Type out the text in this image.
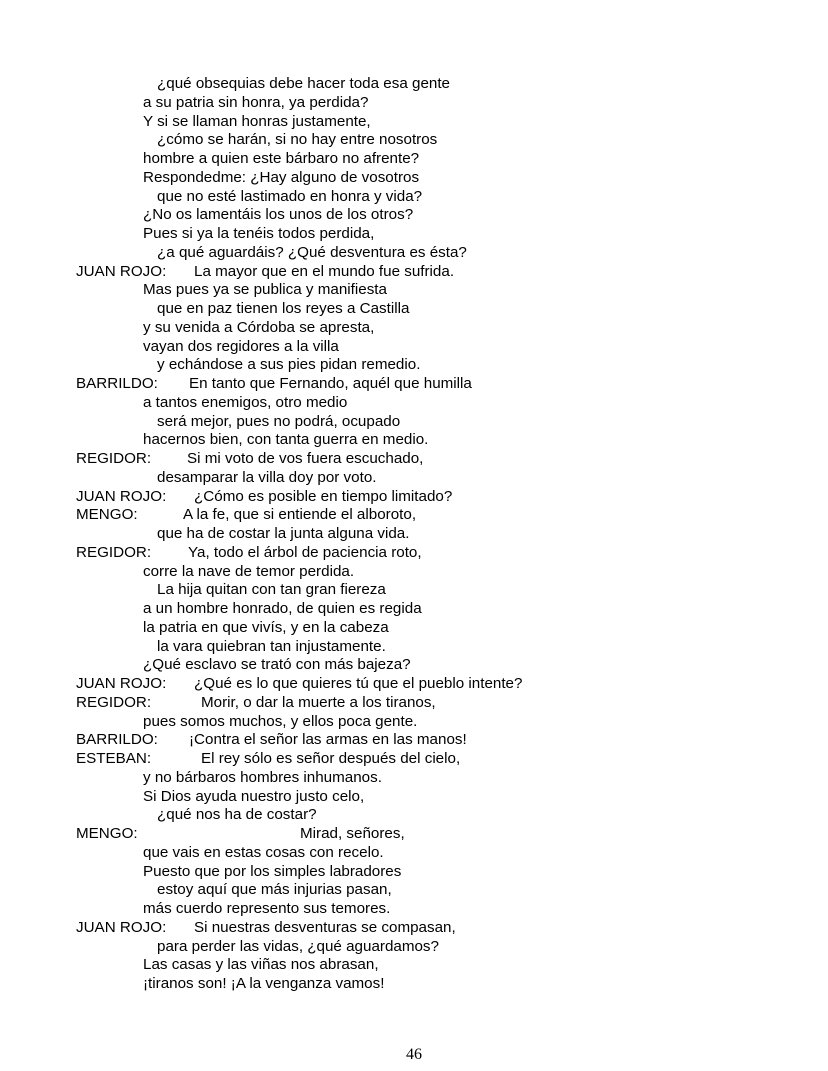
¿qué obsequias debe hacer toda esa gente
a su patria sin honra, ya perdida?
Y si se llaman honras justamente,
¿cómo se harán, si no hay entre nosotros
hombre a quien este bárbaro no afrente?
Respondedme: ¿Hay alguno de vosotros
que no esté lastimado en honra y vida?
¿No os lamentáis los unos de los otros?
Pues si ya la tenéis todos perdida,
¿a qué aguardáis? ¿Qué desventura es ésta?
JUAN ROJO: La mayor que en el mundo fue sufrida.
Mas pues ya se publica y manifiesta
que en paz tienen los reyes a Castilla
y su venida a Córdoba se apresta,
vayan dos regidores a la villa
y echándose a sus pies pidan remedio.
BARRILDO: En tanto que Fernando, aquél que humilla
a tantos enemigos, otro medio
será mejor, pues no podrá, ocupado
hacernos bien, con tanta guerra en medio.
REGIDOR: Si mi voto de vos fuera escuchado,
desamparar la villa doy por voto.
JUAN ROJO: ¿Cómo es posible en tiempo limitado?
MENGO:	A la fe, que si entiende el alboroto,
que ha de costar la junta alguna vida.
REGIDOR: Ya, todo el árbol de paciencia roto,
corre la nave de temor perdida.
La hija quitan con tan gran fiereza
a un hombre honrado, de quien es regida
la patria en que vivís, y en la cabeza
la vara quiebran tan injustamente.
¿Qué esclavo se trató con más bajeza?
JUAN ROJO: ¿Qué es lo que quieres tú que el pueblo intente?
REGIDOR:	Morir, o dar la muerte a los tiranos,
pues somos muchos, y ellos poca gente.
BARRILDO: ¡Contra el señor las armas en las manos!
ESTEBAN:	El rey sólo es señor después del cielo,
y no bárbaros hombres inhumanos.
Si Dios ayuda nuestro justo celo,
¿qué nos ha de costar?
MENGO:	Mirad, señores,
que vais en estas cosas con recelo.
Puesto que por los simples labradores
estoy aquí que más injurias pasan,
más cuerdo represento sus temores.
JUAN ROJO: Si nuestras desventuras se compasan,
para perder las vidas, ¿qué aguardamos?
Las casas y las viñas nos abrasan,
¡tiranos son! ¡A la venganza vamos!
46
